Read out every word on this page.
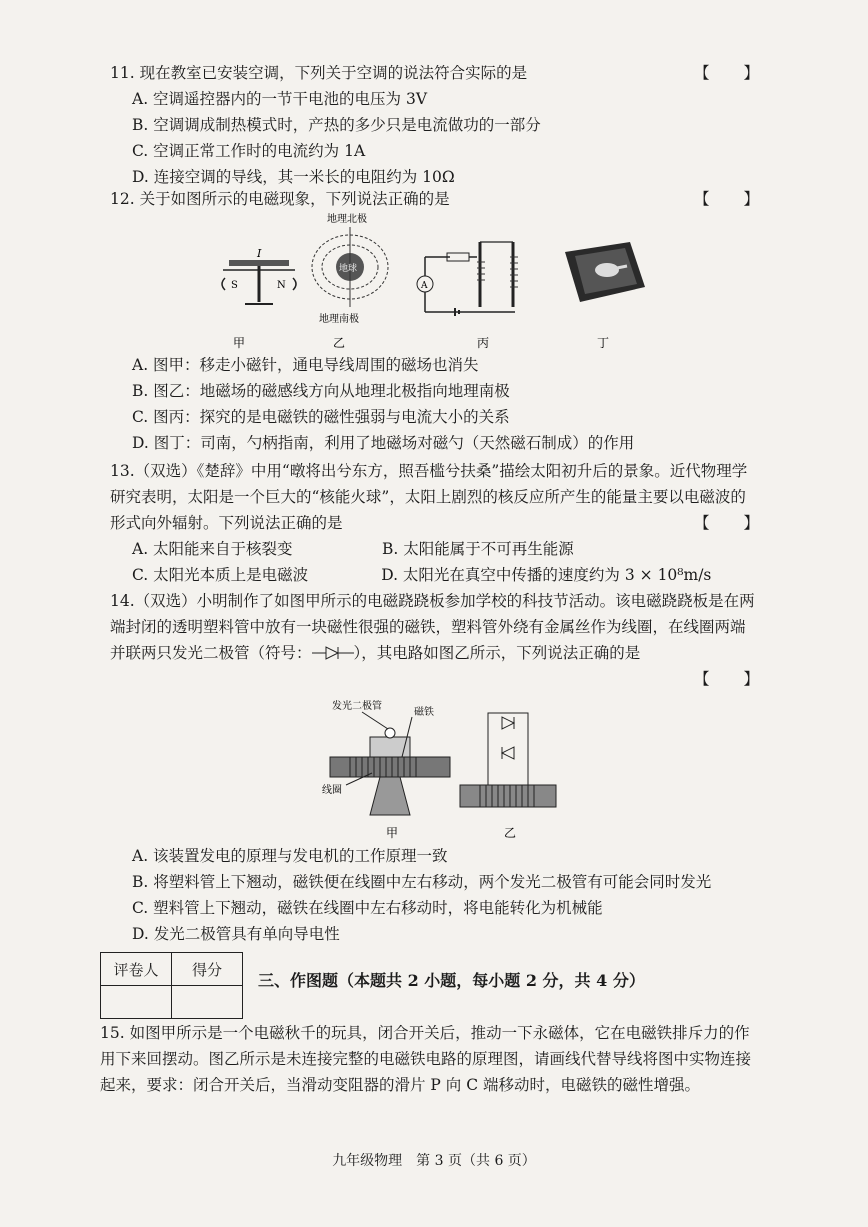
11. 现在教室已安装空调，下列关于空调的说法符合实际的是	【　　】
A. 空调遥控器内的一节干电池的电压为 3V
B. 空调调成制热模式时，产热的多少只是电流做功的一部分
C. 空调正常工作时的电流约为 1A
D. 连接空调的导线，其一米长的电阻约为 10Ω
12. 关于如图所示的电磁现象，下列说法正确的是	【　　】
I
S	N
地理北极
地球
地理南极
A
甲	乙	丙	丁
A. 图甲：移走小磁针，通电导线周围的磁场也消失
B. 图乙：地磁场的磁感线方向从地理北极指向地理南极
C. 图丙：探究的是电磁铁的磁性强弱与电流大小的关系
D. 图丁：司南，勺柄指南，利用了地磁场对磁勺（天然磁石制成）的作用
13.（双选）《楚辞》中用“暾将出兮东方，照吾槛兮扶桑”描绘太阳初升后的景象。近代物理学研究表明，太阳是一个巨大的“核能火球”，太阳上剧烈的核反应所产生的能量主要以电磁波的形式向外辐射。下列说法正确的是	【　　】
A. 太阳能来自于核裂变	B. 太阳能属于不可再生能源
C. 太阳光本质上是电磁波	D. 太阳光在真空中传播的速度约为 3 × 10⁸m/s
14.（双选）小明制作了如图甲所示的电磁跷跷板参加学校的科技节活动。该电磁跷跷板是在两端封闭的透明塑料管中放有一块磁性很强的磁铁，塑料管外绕有金属丝作为线圈，在线圈两端并联两只发光二极管（符号：	），其电路如图乙所示，下列说法正确的是
【　　】
发光二极管
磁铁
线圈
甲	乙
A. 该装置发电的原理与发电机的工作原理一致
B. 将塑料管上下翘动，磁铁便在线圈中左右移动，两个发光二极管有可能会同时发光
C. 塑料管上下翘动，磁铁在线圈中左右移动时，将电能转化为机械能
D. 发光二极管具有单向导电性
评卷人	得分

三、作图题（本题共 2 小题，每小题 2 分，共 4 分）
15. 如图甲所示是一个电磁秋千的玩具，闭合开关后，推动一下永磁体，它在电磁铁排斥力的作用下来回摆动。图乙所示是未连接完整的电磁铁电路的原理图，请画线代替导线将图中实物连接起来，要求：闭合开关后，当滑动变阻器的滑片 P 向 C 端移动时，电磁铁的磁性增强。
九年级物理　第 3 页（共 6 页）
